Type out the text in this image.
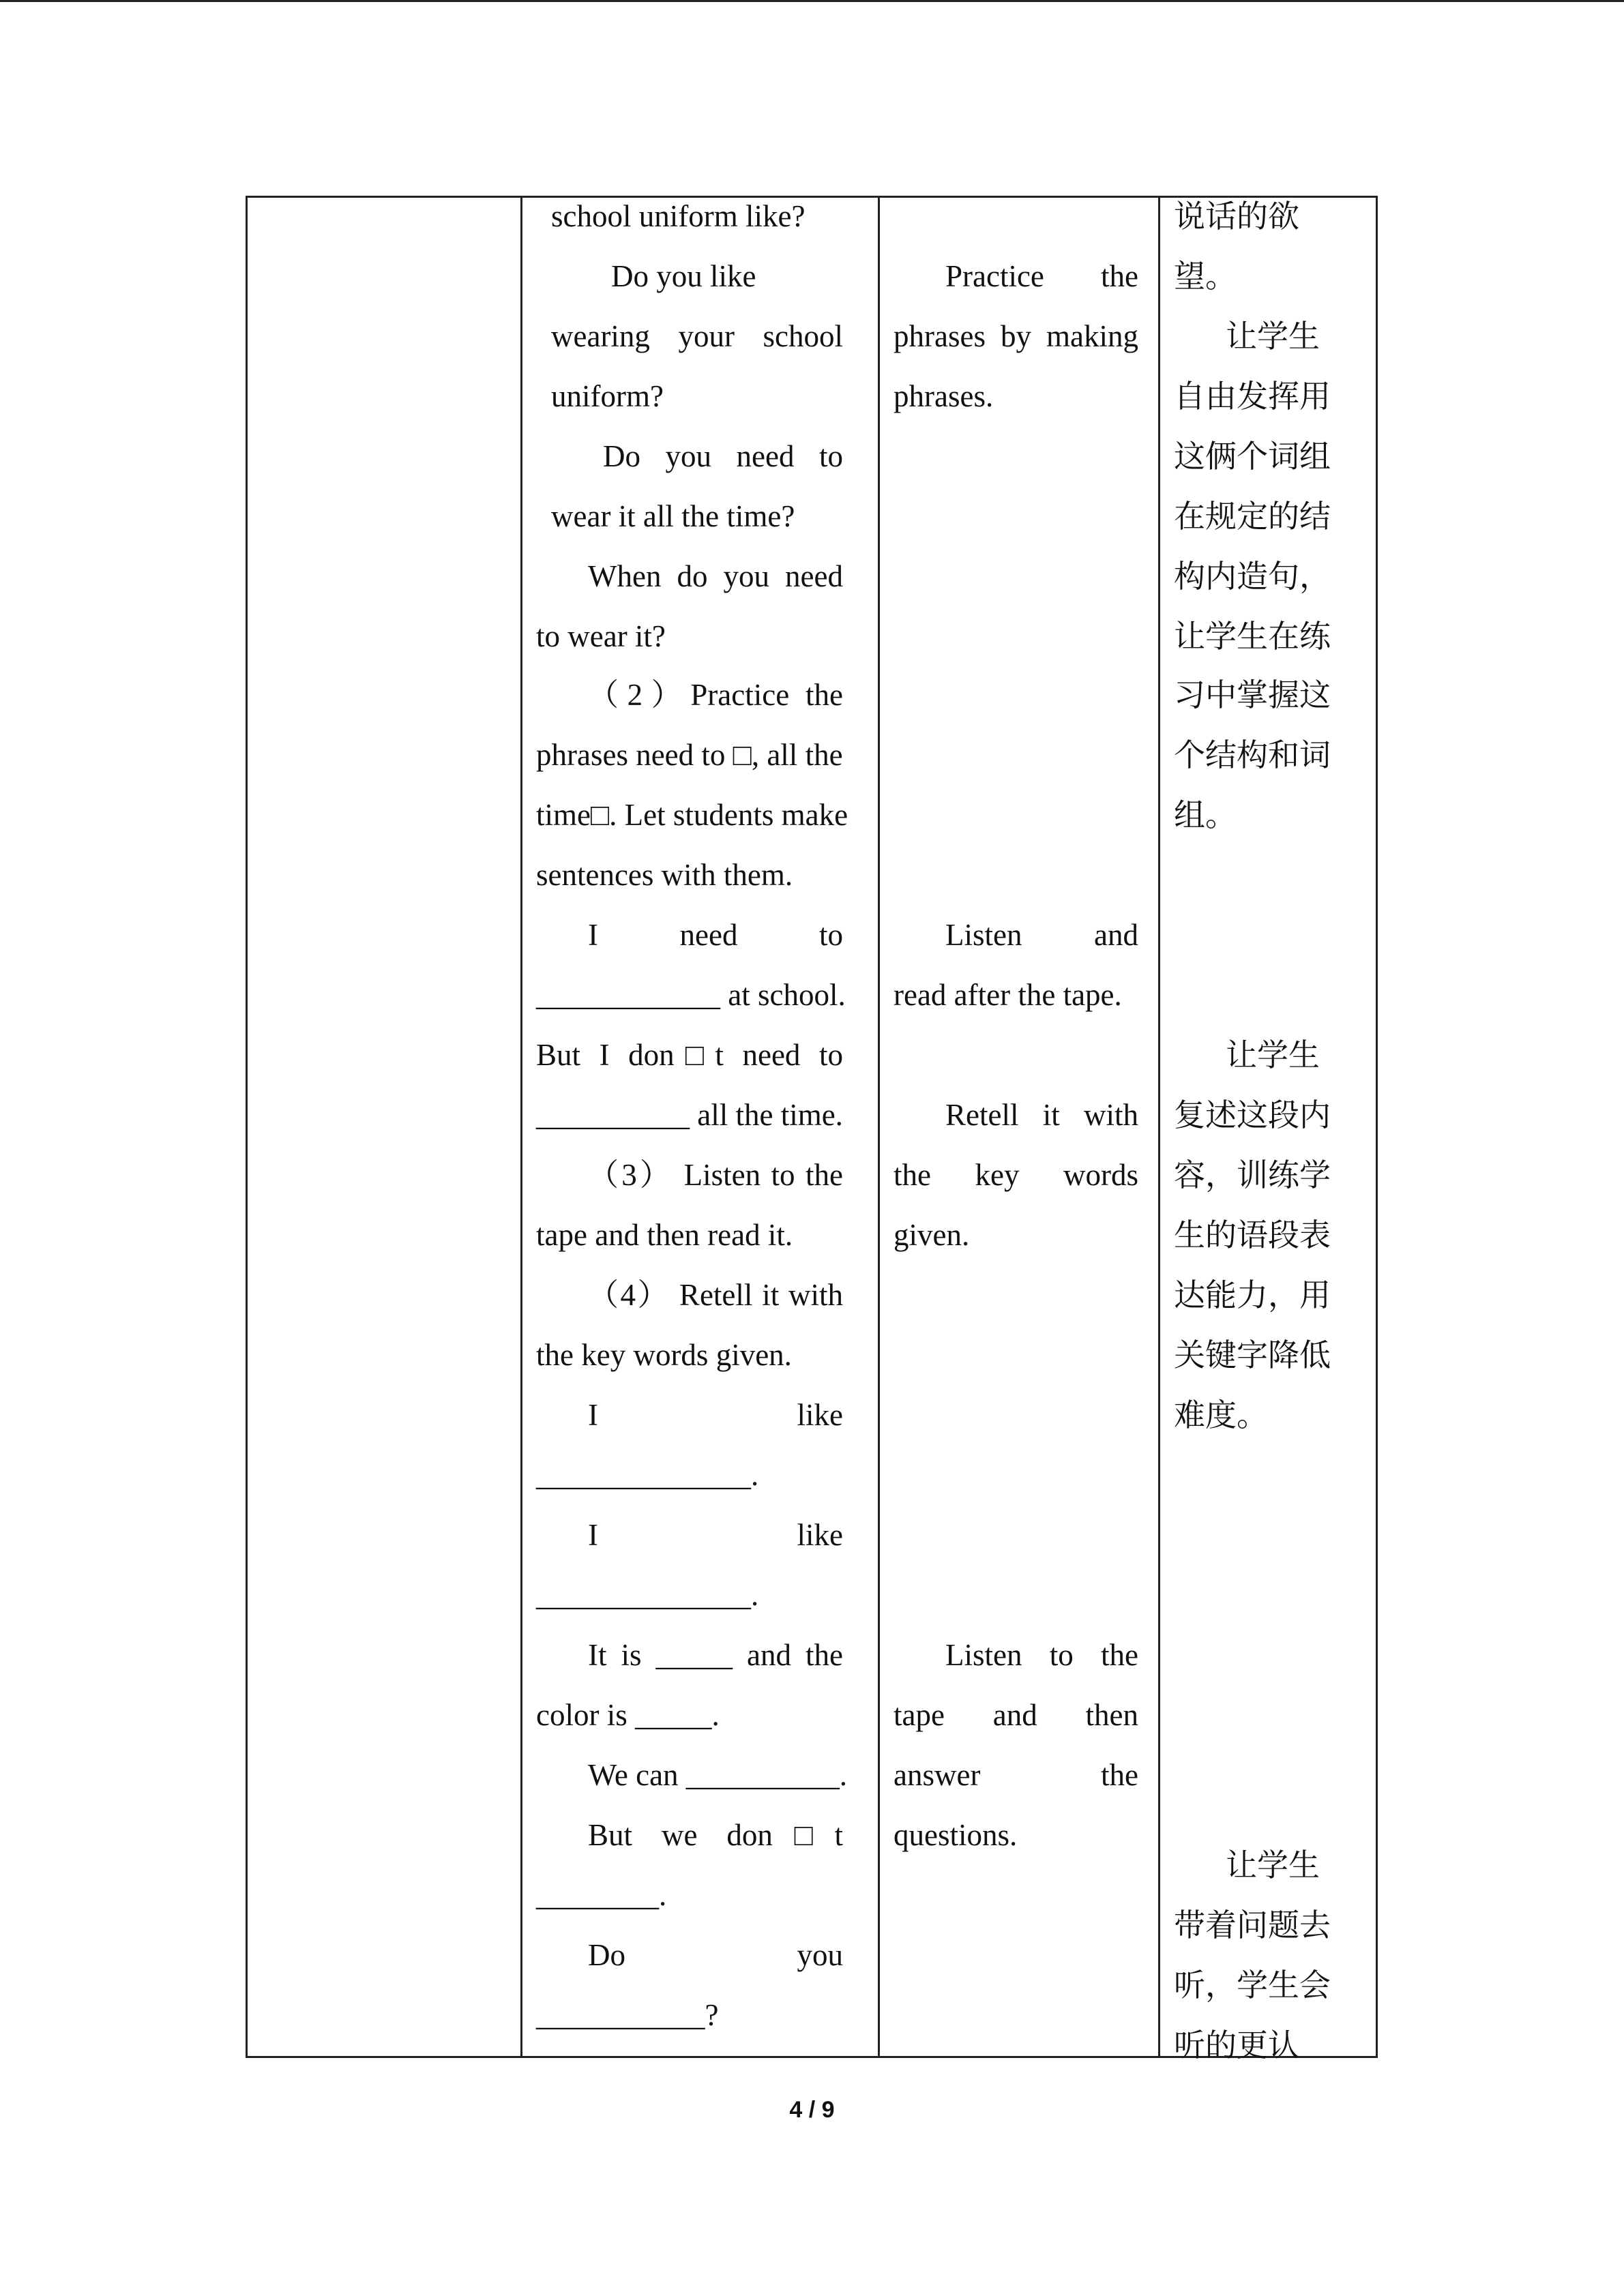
school uniform like?
Do you like
wearing your school
uniform?
Do you need to
wear it all the time?
When do you need
to wear it?
（2）Practice the
phrases need to □, all the
time□. Let students make
sentences with them.
I need to
____________ at school.
But I don□t need to
__________ all the time.
（3） Listen to the
tape and then read it.
（4） Retell it with
the key words given.
I like
______________.
I like
______________.
It is _____ and the
color is _____.
We can __________.
But we don□t
________.
Do you
___________?
Practice the
phrases by making
phrases.
Listen and
read after the tape.
Retell it with
the key words
given.
Listen to the
tape and then
answer the
questions.
说话的欲
望。
让学生
自由发挥用
这俩个词组
在规定的结
构内造句，
让学生在练
习中掌握这
个结构和词
组。
让学生
复述这段内
容，训练学
生的语段表
达能力，用
关键字降低
难度。
让学生
带着问题去
听，学生会
听的更认
4 / 9
